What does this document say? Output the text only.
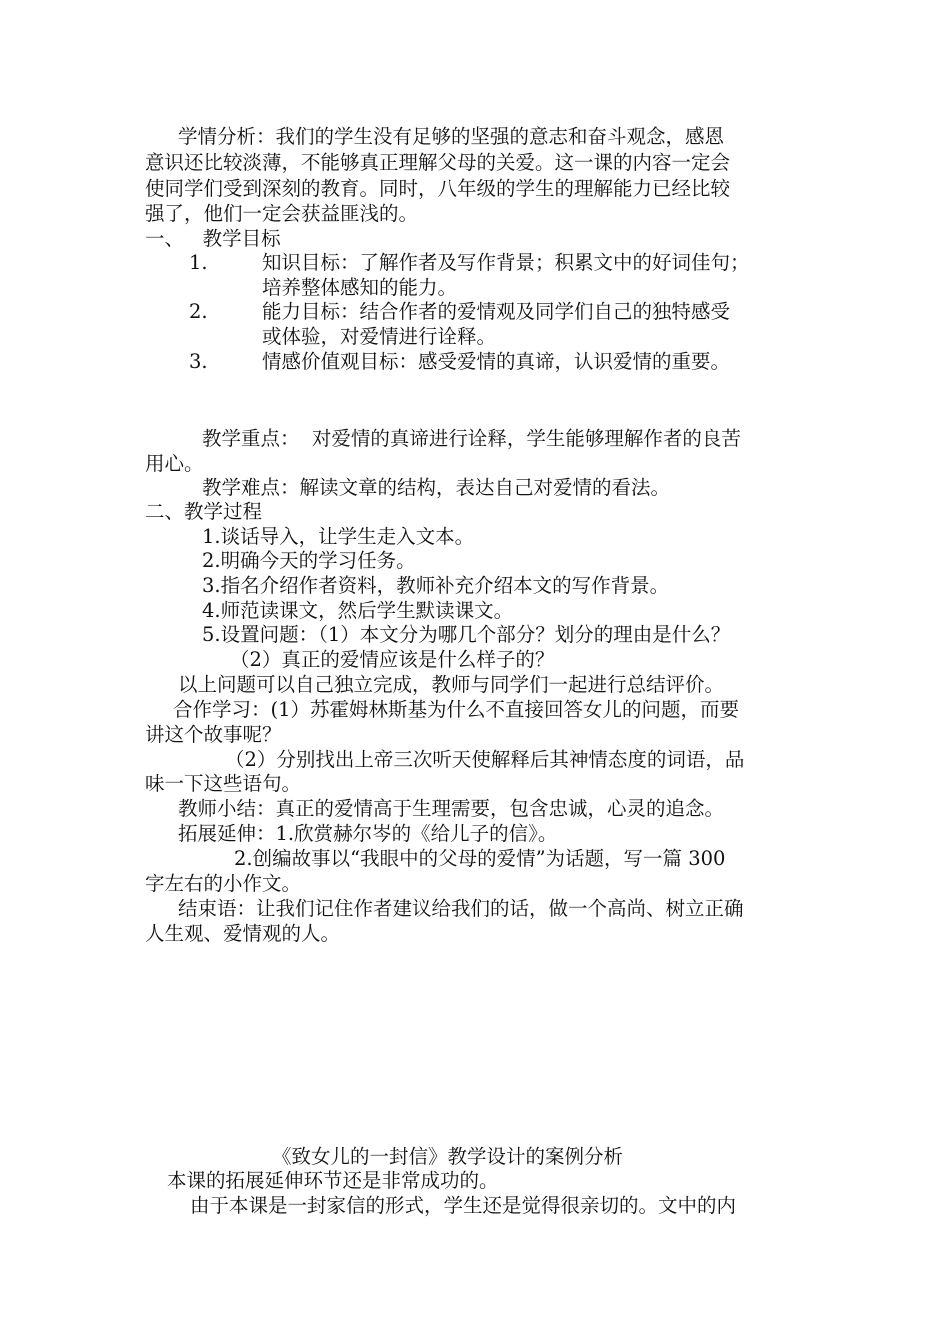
学情分析：我们的学生没有足够的坚强的意志和奋斗观念，感恩
意识还比较淡薄，不能够真正理解父母的关爱。这一课的内容一定会
使同学们受到深刻的教育。同时，八年级的学生的理解能力已经比较
强了，他们一定会获益匪浅的。
一、   教学目标
1.	知识目标：了解作者及写作背景；积累文中的好词佳句；
培养整体感知的能力。
2.	能力目标：结合作者的爱情观及同学们自己的独特感受
或体验，对爱情进行诠释。
3.	情感价值观目标：感受爱情的真谛，认识爱情的重要。
教学重点：  对爱情的真谛进行诠释，学生能够理解作者的良苦
用心。
教学难点：解读文章的结构，表达自己对爱情的看法。
二、教学过程
1.谈话导入，让学生走入文本。
2.明确今天的学习任务。
3.指名介绍作者资料，教师补充介绍本文的写作背景。
4.师范读课文，然后学生默读课文。
5.设置问题：（1）本文分为哪几个部分？划分的理由是什么？
（2）真正的爱情应该是什么样子的？
以上问题可以自己独立完成，教师与同学们一起进行总结评价。
合作学习：(1）苏霍姆林斯基为什么不直接回答女儿的问题，而要
讲这个故事呢？
（2）分别找出上帝三次听天使解释后其神情态度的词语，品
味一下这些语句。
教师小结：真正的爱情高于生理需要，包含忠诚，心灵的追念。
拓展延伸：1.欣赏赫尔岑的《给儿子的信》。
2.创编故事以“我眼中的父母的爱情”为话题，写一篇 300
字左右的小作文。
结束语：让我们记住作者建议给我们的话，做一个高尚、树立正确
人生观、爱情观的人。
《致女儿的一封信》教学设计的案例分析
本课的拓展延伸环节还是非常成功的。
由于本课是一封家信的形式，学生还是觉得很亲切的。文中的内
